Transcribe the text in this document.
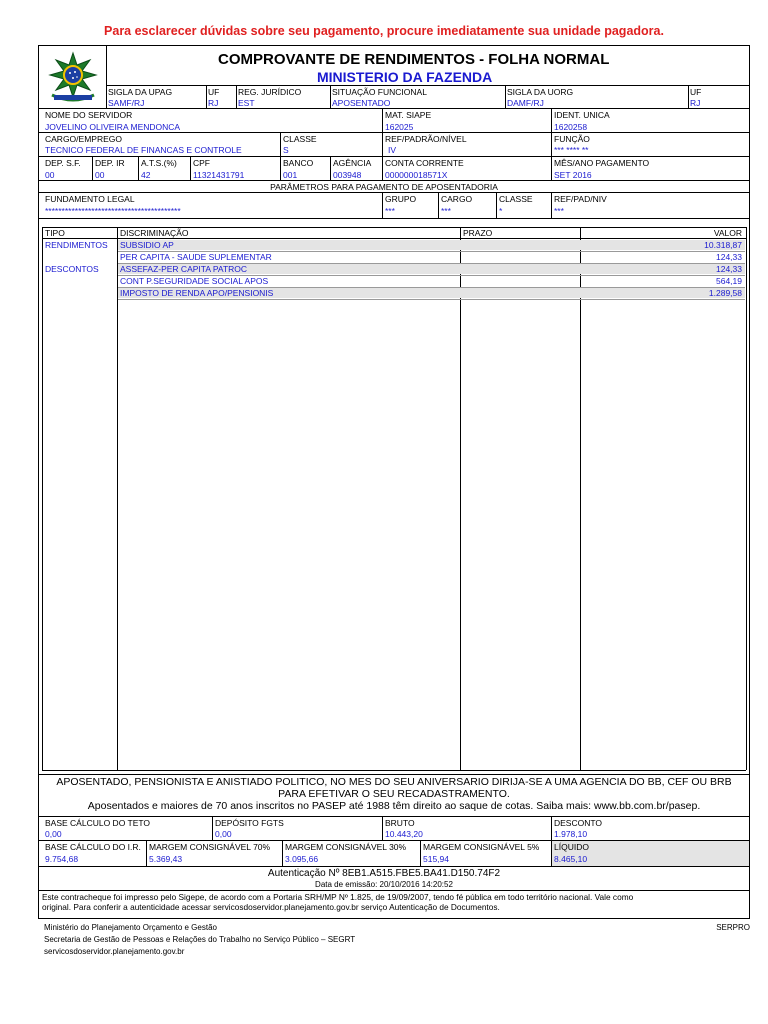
Para esclarecer dúvidas sobre seu pagamento, procure imediatamente sua unidade pagadora.
COMPROVANTE DE RENDIMENTOS - FOLHA NORMAL
MINISTERIO DA FAZENDA
SIGLA DA UPAG
SAMF/RJ
UF
RJ
REG. JURÍDICO
EST
SITUAÇÃO FUNCIONAL
APOSENTADO
SIGLA DA UORG
DAMF/RJ
UF
RJ
NOME DO SERVIDOR
JOVELINO OLIVEIRA MENDONCA
MAT. SIAPE
162025
IDENT. UNICA
1620258
CARGO/EMPREGO
TECNICO FEDERAL DE FINANCAS E CONTROLE
CLASSE
S
REF/PADRÃO/NÍVEL
IV
FUNÇÃO
*** **** **
DEP. S.F.
00
DEP. IR
00
A.T.S.(%)
42
CPF
11321431791
BANCO
001
AGÊNCIA
003948
CONTA CORRENTE
000000018571X
MÊS/ANO PAGAMENTO
SET 2016
PARÂMETROS PARA PAGAMENTO DE APOSENTADORIA
FUNDAMENTO LEGAL
*****************************************
GRUPO
***
CARGO
***
CLASSE
*
REF/PAD/NIV
***
TIPO	DISCRIMINAÇÃO	PRAZO	VALOR
RENDIMENTOS SUBSIDIO AP	10.318,87
PER CAPITA - SAUDE SUPLEMENTAR	124,33
DESCONTOS	ASSEFAZ-PER CAPITA PATROC	124,33
CONT P.SEGURIDADE SOCIAL APOS	564,19
IMPOSTO DE RENDA APO/PENSIONIS	1.289,58
APOSENTADO, PENSIONISTA E ANISTIADO POLITICO, NO MES DO SEU ANIVERSARIO DIRIJA-SE A UMA AGENCIA DO BB, CEF OU BRB
PARA EFETIVAR O SEU RECADASTRAMENTO.
Aposentados e maiores de 70 anos inscritos no PASEP até 1988 têm direito ao saque de cotas. Saiba mais: www.bb.com.br/pasep.
BASE CÁLCULO DO TETO
0,00
DEPÓSITO FGTS
0,00
BRUTO
10.443,20
DESCONTO
1.978,10
BASE CÁLCULO DO I.R.
9.754,68
MARGEM CONSIGNÁVEL 70%
5.369,43
MARGEM CONSIGNÁVEL 30%
3.095,66
MARGEM CONSIGNÁVEL 5%
515,94
LÍQUIDO
8.465,10
Autenticação Nº 8EB1.A515.FBE5.BA41.D150.74F2
Data de emissão: 20/10/2016 14:20:52
Este contracheque foi impresso pelo Sigepe, de acordo com a Portaria SRH/MP Nº 1.825, de 19/09/2007, tendo fé pública em todo território nacional. Vale como
original. Para conferir a autenticidade acessar servicosdoservidor.planejamento.gov.br serviço Autenticação de Documentos.
Ministério do Planejamento Orçamento e Gestão
Secretaria de Gestão de Pessoas e Relações do Trabalho no Serviço Público – SEGRT
servicosdoservidor.planejamento.gov.br
SERPRO
